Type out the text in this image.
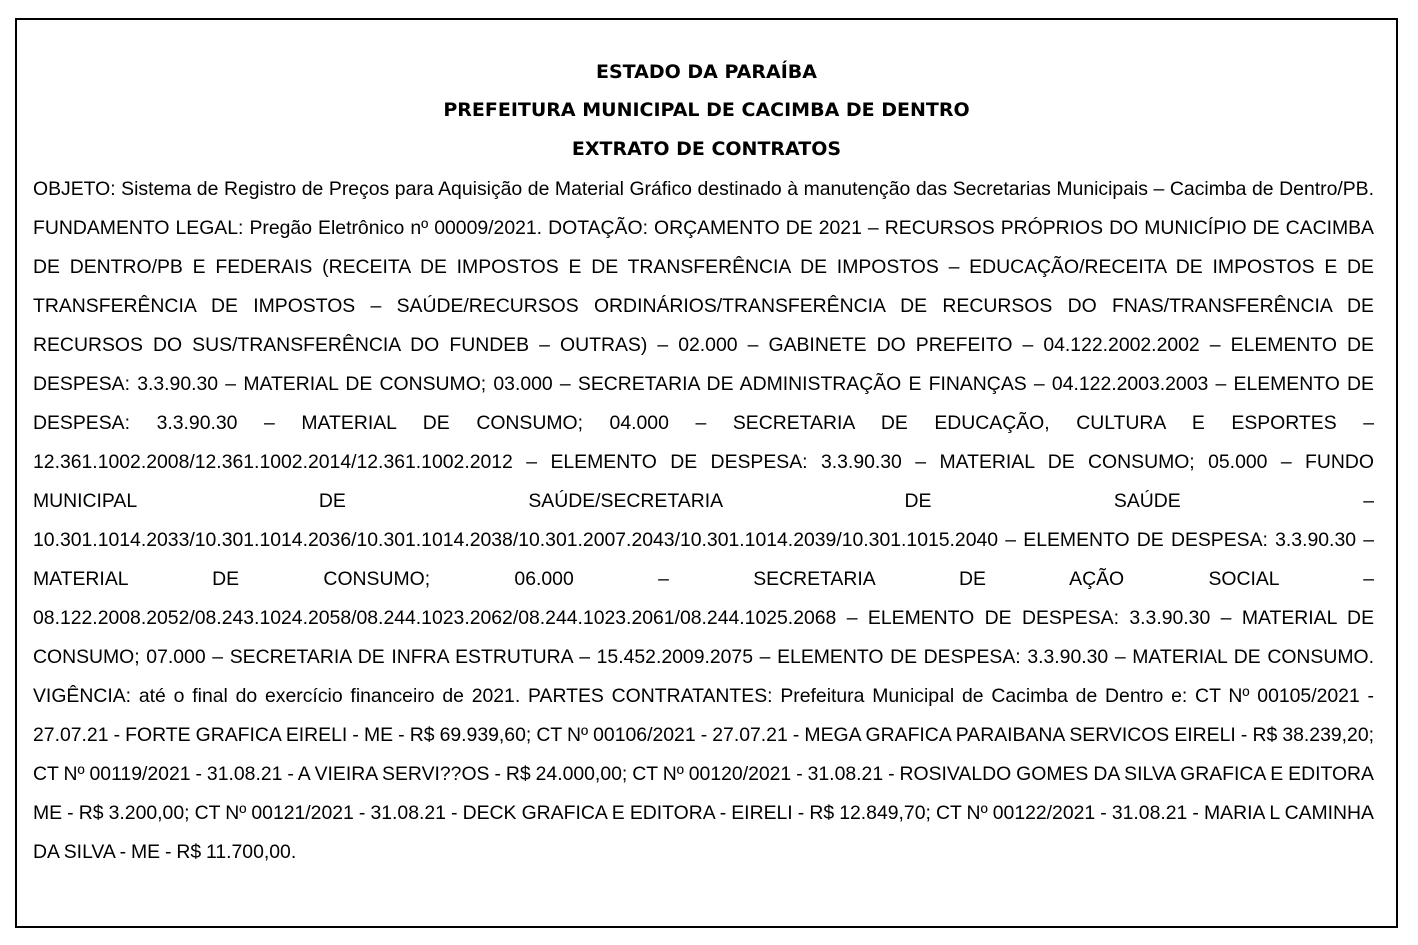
ESTADO DA PARAÍBA
PREFEITURA MUNICIPAL DE CACIMBA DE DENTRO
EXTRATO DE CONTRATOS
OBJETO: Sistema de Registro de Preços para Aquisição de Material Gráfico destinado à manutenção das Secretarias Municipais – Cacimba de Dentro/PB. FUNDAMENTO LEGAL: Pregão Eletrônico nº 00009/2021. DOTAÇÃO: ORÇAMENTO DE 2021 – RECURSOS PRÓPRIOS DO MUNICÍPIO DE CACIMBA DE DENTRO/PB E FEDERAIS (RECEITA DE IMPOSTOS E DE TRANSFERÊNCIA DE IMPOSTOS – EDUCAÇÃO/RECEITA DE IMPOSTOS E DE TRANSFERÊNCIA DE IMPOSTOS – SAÚDE/RECURSOS ORDINÁRIOS/TRANSFERÊNCIA DE RECURSOS DO FNAS/TRANSFERÊNCIA DE RECURSOS DO SUS/TRANSFERÊNCIA DO FUNDEB – OUTRAS) – 02.000 – GABINETE DO PREFEITO – 04.122.2002.2002 – ELEMENTO DE DESPESA: 3.3.90.30 – MATERIAL DE CONSUMO; 03.000 – SECRETARIA DE ADMINISTRAÇÃO E FINANÇAS – 04.122.2003.2003 – ELEMENTO DE DESPESA: 3.3.90.30 – MATERIAL DE CONSUMO; 04.000 – SECRETARIA DE EDUCAÇÃO, CULTURA E ESPORTES – 12.361.1002.2008/12.361.1002.2014/12.361.1002.2012 – ELEMENTO DE DESPESA: 3.3.90.30 – MATERIAL DE CONSUMO; 05.000 – FUNDO MUNICIPAL DE SAÚDE/SECRETARIA DE SAÚDE – 10.301.1014.2033/10.301.1014.2036/10.301.1014.2038/10.301.2007.2043/10.301.1014.2039/10.301.1015.2040 – ELEMENTO DE DESPESA: 3.3.90.30 – MATERIAL DE CONSUMO; 06.000 – SECRETARIA DE AÇÃO SOCIAL – 08.122.2008.2052/08.243.1024.2058/08.244.1023.2062/08.244.1023.2061/08.244.1025.2068 – ELEMENTO DE DESPESA: 3.3.90.30 – MATERIAL DE CONSUMO; 07.000 – SECRETARIA DE INFRA ESTRUTURA – 15.452.2009.2075 – ELEMENTO DE DESPESA: 3.3.90.30 – MATERIAL DE CONSUMO. VIGÊNCIA: até o final do exercício financeiro de 2021. PARTES CONTRATANTES: Prefeitura Municipal de Cacimba de Dentro e: CT Nº 00105/2021 - 27.07.21 - FORTE GRAFICA EIRELI - ME - R$ 69.939,60; CT Nº 00106/2021 - 27.07.21 - MEGA GRAFICA PARAIBANA SERVICOS EIRELI - R$ 38.239,20; CT Nº 00119/2021 - 31.08.21 - A VIEIRA SERVI??OS - R$ 24.000,00; CT Nº 00120/2021 - 31.08.21 - ROSIVALDO GOMES DA SILVA GRAFICA E EDITORA ME - R$ 3.200,00; CT Nº 00121/2021 - 31.08.21 - DECK GRAFICA E EDITORA - EIRELI - R$ 12.849,70; CT Nº 00122/2021 - 31.08.21 - MARIA L CAMINHA DA SILVA - ME - R$ 11.700,00.
